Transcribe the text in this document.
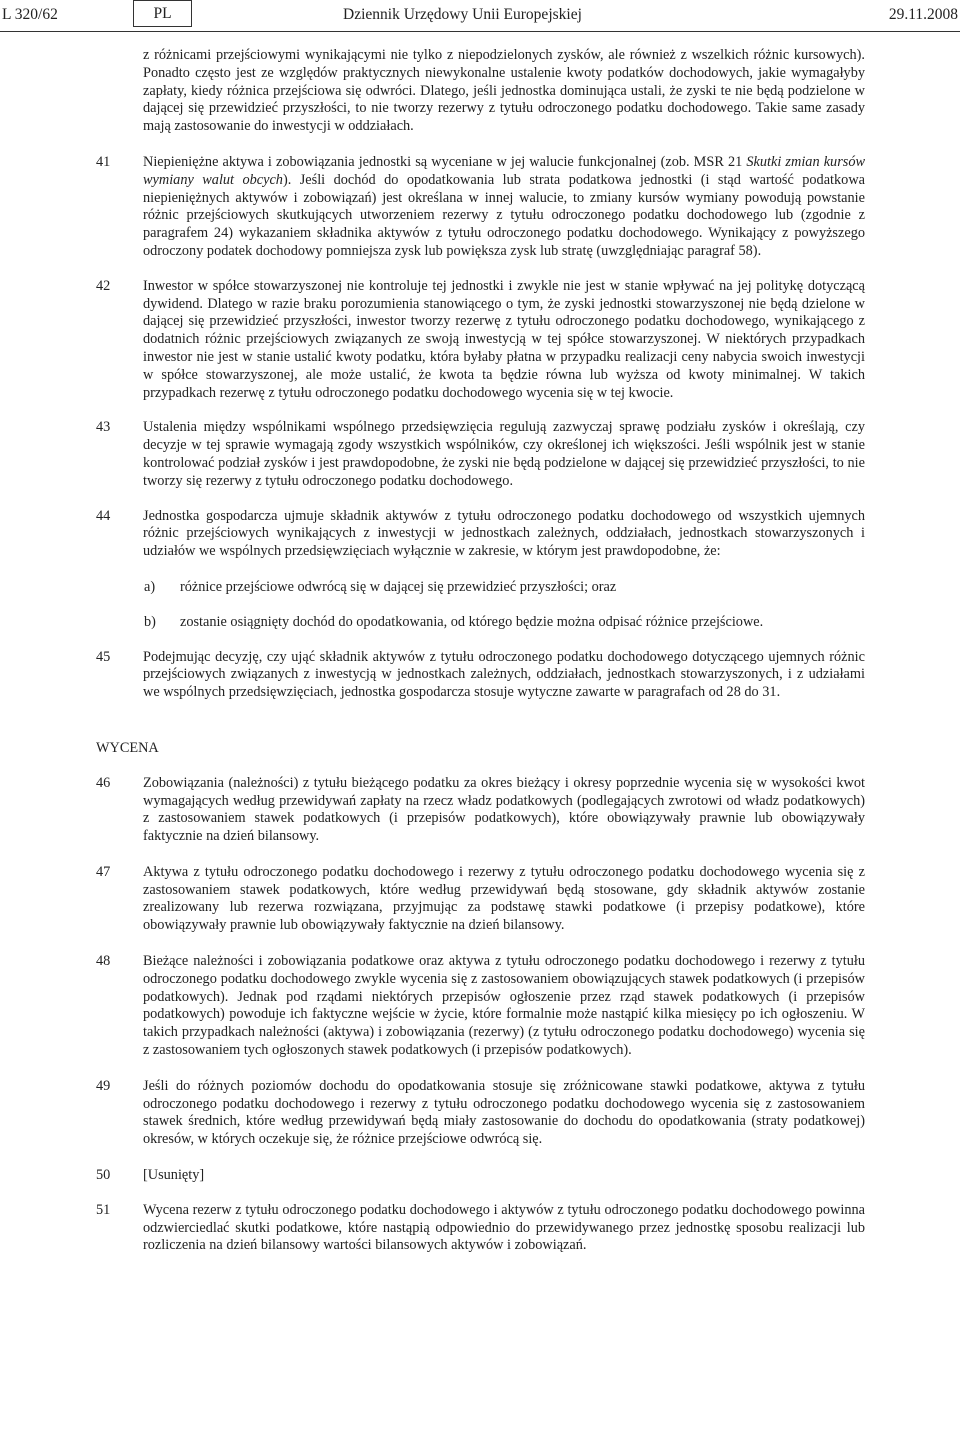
L 320/62	PL	Dziennik Urzędowy Unii Europejskiej	29.11.2008
z różnicami przejściowymi wynikającymi nie tylko z niepodzielonych zysków, ale również z wszelkich różnic kursowych). Ponadto często jest ze względów praktycznych niewykonalne ustalenie kwoty podatków dochodowych, jakie wymagałyby zapłaty, kiedy różnica przejściowa się odwróci. Dlatego, jeśli jednostka dominująca ustali, że zyski te nie będą podzielone w dającej się przewidzieć przyszłości, to nie tworzy rezerwy z tytułu odroczonego podatku dochodowego. Takie same zasady mają zastosowanie do inwestycji w oddziałach.
41 Niepieniężne aktywa i zobowiązania jednostki są wyceniane w jej walucie funkcjonalnej (zob. MSR 21 Skutki zmian kursów wymiany walut obcych). Jeśli dochód do opodatkowania lub strata podatkowa jednostki (i stąd wartość podatkowa niepieniężnych aktywów i zobowiązań) jest określana w innej walucie, to zmiany kursów wymiany powodują powstanie różnic przejściowych skutkujących utworzeniem rezerwy z tytułu odroczonego podatku dochodowego lub (zgodnie z paragrafem 24) wykazaniem składnika aktywów z tytułu odroczonego podatku dochodowego. Wynikający z powyższego odroczony podatek dochodowy pomniejsza zysk lub powiększa zysk lub stratę (uwzględniając paragraf 58).
42 Inwestor w spółce stowarzyszonej nie kontroluje tej jednostki i zwykle nie jest w stanie wpływać na jej politykę dotyczącą dywidend. Dlatego w razie braku porozumienia stanowiącego o tym, że zyski jednostki stowarzyszonej nie będą dzielone w dającej się przewidzieć przyszłości, inwestor tworzy rezerwę z tytułu odroczonego podatku dochodowego, wynikającego z dodatnich różnic przejściowych związanych ze swoją inwestycją w tej spółce stowarzyszonej. W niektórych przypadkach inwestor nie jest w stanie ustalić kwoty podatku, która byłaby płatna w przypadku realizacji ceny nabycia swoich inwestycji w spółce stowarzyszonej, ale może ustalić, że kwota ta będzie równa lub wyższa od kwoty minimalnej. W takich przypadkach rezerwę z tytułu odroczonego podatku dochodowego wycenia się w tej kwocie.
43 Ustalenia między wspólnikami wspólnego przedsięwzięcia regulują zazwyczaj sprawę podziału zysków i określają, czy decyzje w tej sprawie wymagają zgody wszystkich wspólników, czy określonej ich większości. Jeśli wspólnik jest w stanie kontrolować podział zysków i jest prawdopodobne, że zyski nie będą podzielone w dającej się przewidzieć przyszłości, to nie tworzy się rezerwy z tytułu odroczonego podatku dochodowego.
44 Jednostka gospodarcza ujmuje składnik aktywów z tytułu odroczonego podatku dochodowego od wszystkich ujemnych różnic przejściowych wynikających z inwestycji w jednostkach zależnych, oddziałach, jednostkach stowarzyszonych i udziałów we wspólnych przedsięwzięciach wyłącznie w zakresie, w którym jest prawdopodobne, że:
a) różnice przejściowe odwrócą się w dającej się przewidzieć przyszłości; oraz
b) zostanie osiągnięty dochód do opodatkowania, od którego będzie można odpisać różnice przejściowe.
45 Podejmując decyzję, czy ująć składnik aktywów z tytułu odroczonego podatku dochodowego dotyczącego ujemnych różnic przejściowych związanych z inwestycją w jednostkach zależnych, oddziałach, jednostkach stowarzyszonych, i z udziałami we wspólnych przedsięwzięciach, jednostka gospodarcza stosuje wytyczne zawarte w paragrafach od 28 do 31.
WYCENA
46 Zobowiązania (należności) z tytułu bieżącego podatku za okres bieżący i okresy poprzednie wycenia się w wysokości kwot wymagających według przewidywań zapłaty na rzecz władz podatkowych (podlegających zwrotowi od władz podatkowych) z zastosowaniem stawek podatkowych (i przepisów podatkowych), które obowiązywały prawnie lub obowiązywały faktycznie na dzień bilansowy.
47 Aktywa z tytułu odroczonego podatku dochodowego i rezerwy z tytułu odroczonego podatku dochodowego wycenia się z zastosowaniem stawek podatkowych, które według przewidywań będą stosowane, gdy składnik aktywów zostanie zrealizowany lub rezerwa rozwiązana, przyjmując za podstawę stawki podatkowe (i przepisy podatkowe), które obowiązywały prawnie lub obowiązywały faktycznie na dzień bilansowy.
48 Bieżące należności i zobowiązania podatkowe oraz aktywa z tytułu odroczonego podatku dochodowego i rezerwy z tytułu odroczonego podatku dochodowego zwykle wycenia się z zastosowaniem obowiązujących stawek podatkowych (i przepisów podatkowych). Jednak pod rządami niektórych przepisów ogłoszenie przez rząd stawek podatkowych (i przepisów podatkowych) powoduje ich faktyczne wejście w życie, które formalnie może nastąpić kilka miesięcy po ich ogłoszeniu. W takich przypadkach należności (aktywa) i zobowiązania (rezerwy) (z tytułu odroczonego podatku dochodowego) wycenia się z zastosowaniem tych ogłoszonych stawek podatkowych (i przepisów podatkowych).
49 Jeśli do różnych poziomów dochodu do opodatkowania stosuje się zróżnicowane stawki podatkowe, aktywa z tytułu odroczonego podatku dochodowego i rezerwy z tytułu odroczonego podatku dochodowego wycenia się z zastosowaniem stawek średnich, które według przewidywań będą miały zastosowanie do dochodu do opodatkowania (straty podatkowej) okresów, w których oczekuje się, że różnice przejściowe odwrócą się.
50 [Usunięty]
51 Wycena rezerw z tytułu odroczonego podatku dochodowego i aktywów z tytułu odroczonego podatku dochodowego powinna odzwierciedlać skutki podatkowe, które nastąpią odpowiednio do przewidywanego przez jednostkę sposobu realizacji lub rozliczenia na dzień bilansowy wartości bilansowych aktywów i zobowiązań.
